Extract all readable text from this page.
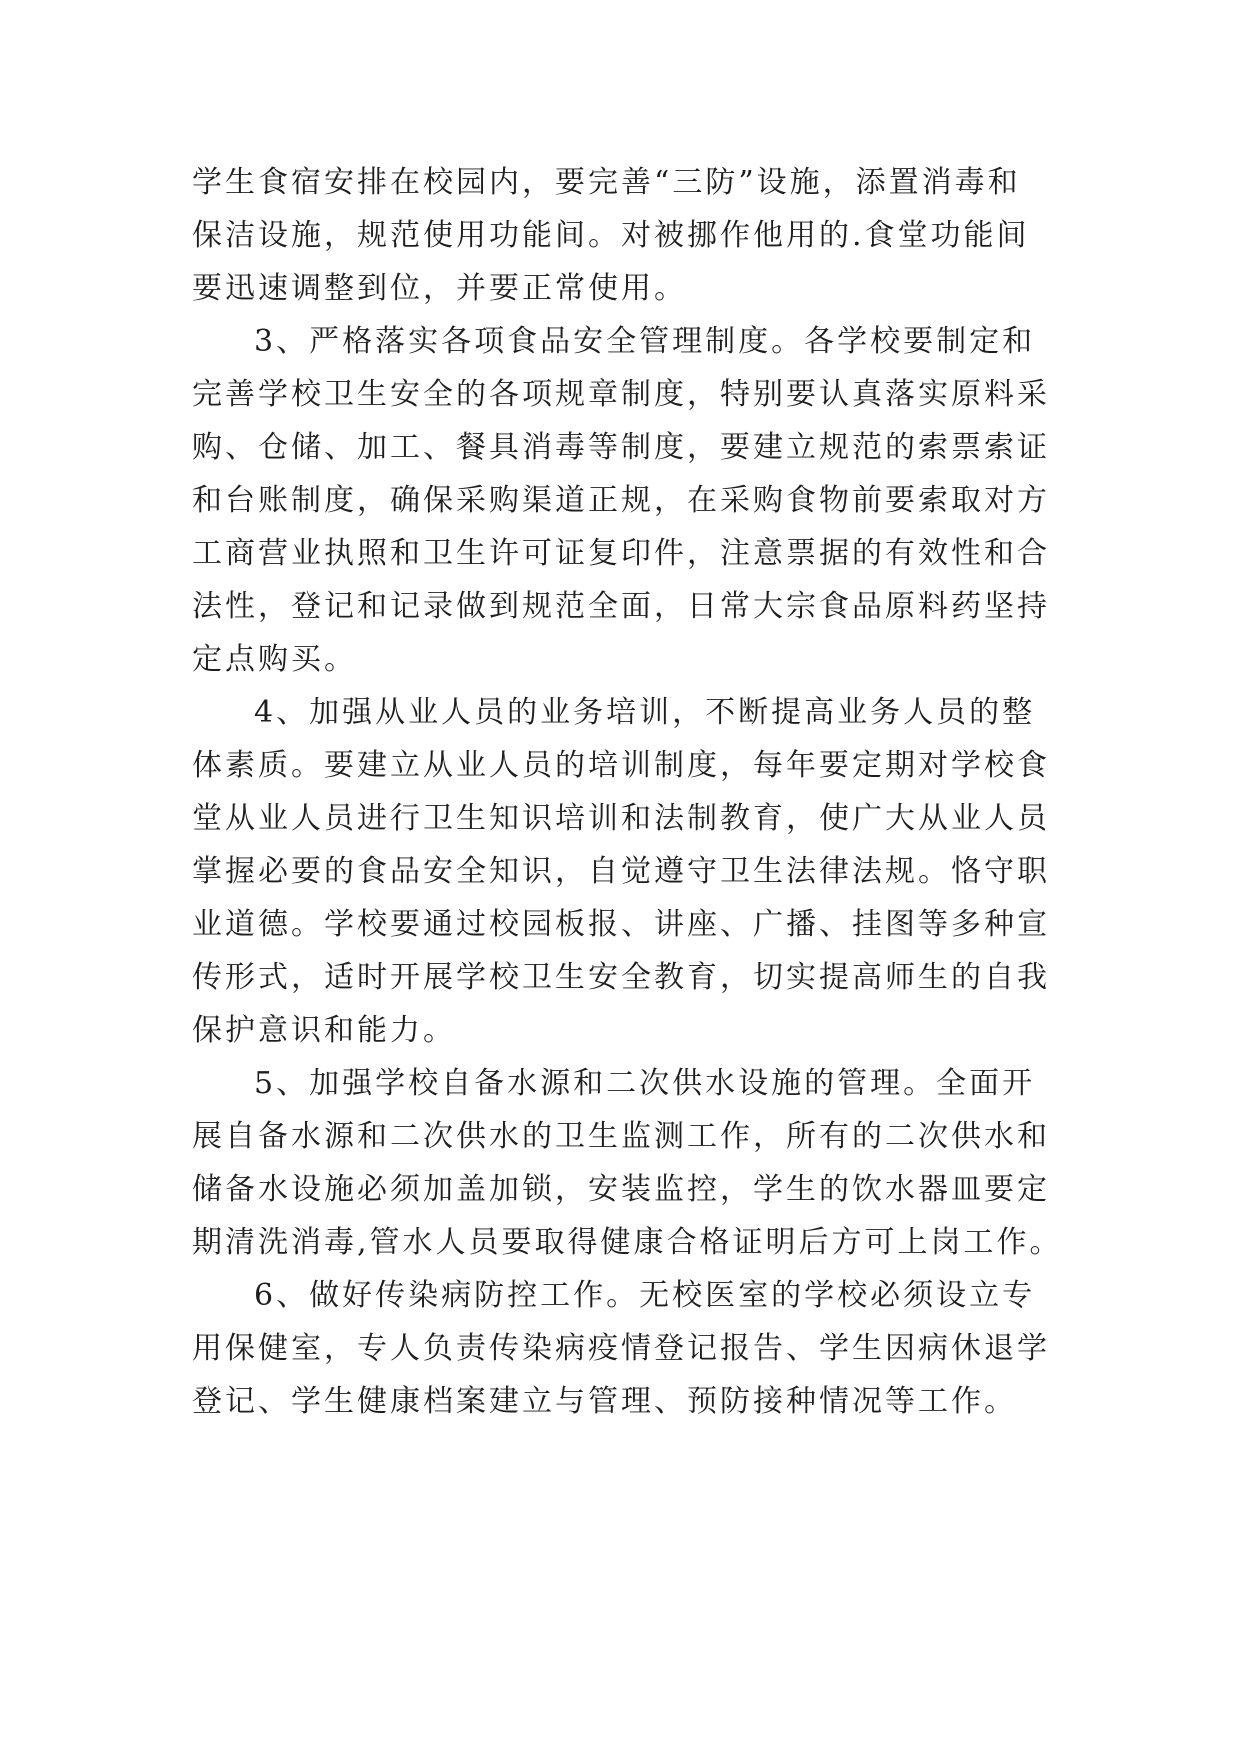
学生食宿安排在校园内，要完善“三防”设施，添置消毒和
保洁设施，规范使用功能间。对被挪作他用的.食堂功能间
要迅速调整到位，并要正常使用。
3、严格落实各项食品安全管理制度。各学校要制定和
完善学校卫生安全的各项规章制度，特别要认真落实原料采
购、仓储、加工、餐具消毒等制度，要建立规范的索票索证
和台账制度，确保采购渠道正规，在采购食物前要索取对方
工商营业执照和卫生许可证复印件，注意票据的有效性和合
法性，登记和记录做到规范全面，日常大宗食品原料药坚持
定点购买。
4、加强从业人员的业务培训，不断提高业务人员的整
体素质。要建立从业人员的培训制度，每年要定期对学校食
堂从业人员进行卫生知识培训和法制教育，使广大从业人员
掌握必要的食品安全知识，自觉遵守卫生法律法规。恪守职
业道德。学校要通过校园板报、讲座、广播、挂图等多种宣
传形式，适时开展学校卫生安全教育，切实提高师生的自我
保护意识和能力。
5、加强学校自备水源和二次供水设施的管理。全面开
展自备水源和二次供水的卫生监测工作，所有的二次供水和
储备水设施必须加盖加锁，安装监控，学生的饮水器皿要定
期清洗消毒,管水人员要取得健康合格证明后方可上岗工作。
6、做好传染病防控工作。无校医室的学校必须设立专
用保健室，专人负责传染病疫情登记报告、学生因病休退学
登记、学生健康档案建立与管理、预防接种情况等工作。
